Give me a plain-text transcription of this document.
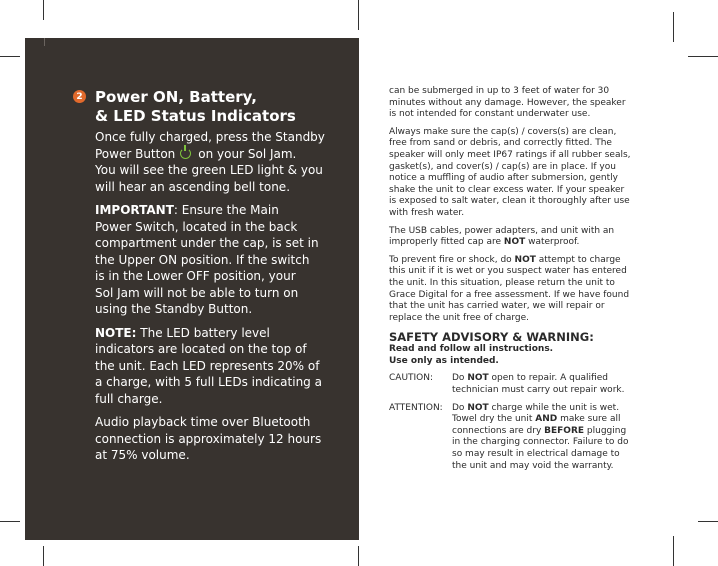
2 Power ON, Battery,
& LED Status Indicators

Once fully charged, press the Standby
Power Button on your Sol Jam.
You will see the green LED light & you
will hear an ascending bell tone.

IMPORTANT: Ensure the Main
Power Switch, located in the back
compartment under the cap, is set in
the Upper ON position. If the switch
is in the Lower OFF position, your
Sol Jam will not be able to turn on
using the Standby Button.

NOTE: The LED battery level
indicators are located on the top of
the unit. Each LED represents 20% of
a charge, with 5 full LEDs indicating a
full charge.

Audio playback time over Bluetooth
connection is approximately 12 hours
at 75% volume.

can be submerged in up to 3 feet of water for 30
minutes without any damage. However, the speaker
is not intended for constant underwater use.

Always make sure the cap(s) / covers(s) are clean,
free from sand or debris, and correctly fitted. The
speaker will only meet IP67 ratings if all rubber seals,
gasket(s), and cover(s) / cap(s) are in place. If you
notice a muffling of audio after submersion, gently
shake the unit to clear excess water. If your speaker
is exposed to salt water, clean it thoroughly after use
with fresh water.

The USB cables, power adapters, and unit with an
improperly fitted cap are NOT waterproof.

To prevent fire or shock, do NOT attempt to charge
this unit if it is wet or you suspect water has entered
the unit. In this situation, please return the unit to
Grace Digital for a free assessment. If we have found
that the unit has carried water, we will repair or
replace the unit free of charge.

SAFETY ADVISORY & WARNING:
Read and follow all instructions.
Use only as intended.
CAUTION:	Do NOT open to repair. A qualified
technician must carry out repair work.
ATTENTION:	Do NOT charge while the unit is wet.
Towel dry the unit AND make sure all
connections are dry BEFORE plugging
in the charging connector. Failure to do
so may result in electrical damage to
the unit and may void the warranty.
